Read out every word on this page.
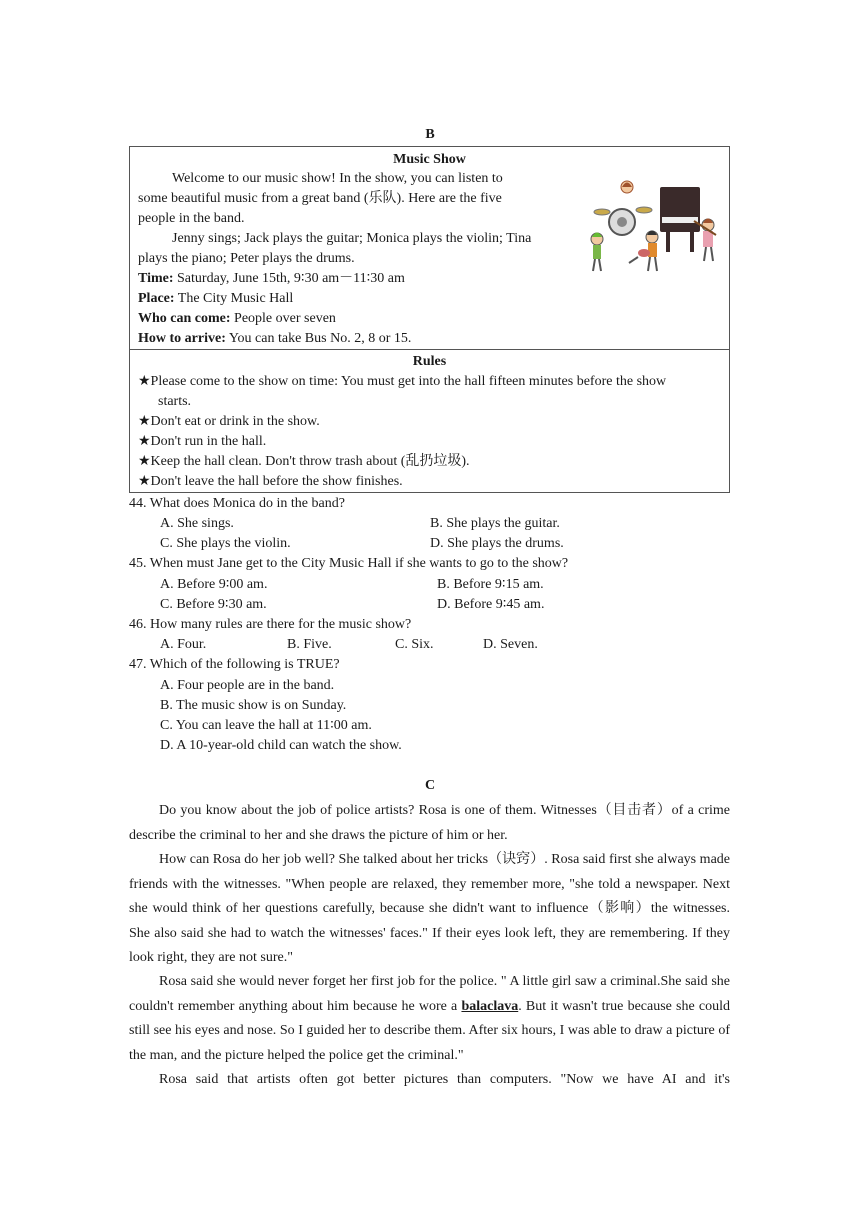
B
Music Show
Welcome to our music show! In the show, you can listen to
some beautiful music from a great band (乐队). Here are the five
people in the band.
Jenny sings; Jack plays the guitar; Monica plays the violin; Tina
plays the piano; Peter plays the drums.
Time: Saturday, June 15th, 9∶30 am－11∶30 am
Place: The City Music Hall
Who can come: People over seven
How to arrive: You can take Bus No. 2, 8 or 15.
Rules
★Please come to the show on time: You must get into the hall fifteen minutes before the show
starts.
★Don't eat or drink in the show.
★Don't run in the hall.
★Keep the hall clean. Don't throw trash about (乱扔垃圾).
★Don't leave the hall before the show finishes.
44. What does Monica do in the band?
A. She sings.	B. She plays the guitar.
C. She plays the violin.	D. She plays the drums.
45. When must Jane get to the City Music Hall if she wants to go to the show?
A. Before 9∶00 am.	B. Before 9∶15 am.
C. Before 9∶30 am.	D. Before 9∶45 am.
46. How many rules are there for the music show?
A. Four.	B. Five.	C. Six.	D. Seven.
47. Which of the following is TRUE?
A. Four people are in the band.
B. The music show is on Sunday.
C. You can leave the hall at 11∶00 am.
D. A 10-year-old child can watch the show.
C
Do you know about the job of police artists? Rosa is one of them. Witnesses（目击者）of a crime describe the criminal to her and she draws the picture of him or her.
How can Rosa do her job well? She talked about her tricks（诀窍）. Rosa said first she always made friends with the witnesses. "When people are relaxed, they remember more, "she told a newspaper. Next she would think of her questions carefully, because she didn't want to influence（影响）the witnesses. She also said she had to watch the witnesses' faces." If their eyes look left, they are remembering. If they look right, they are not sure."
Rosa said she would never forget her first job for the police. " A little girl saw a criminal.She said she couldn't remember anything about him because he wore a balaclava. But it wasn't true because she could still see his eyes and nose. So I guided her to describe them. After six hours, I was able to draw a picture of the man, and the picture helped the police get the criminal."
Rosa said that artists often got better pictures than computers. "Now we have AI and it's
